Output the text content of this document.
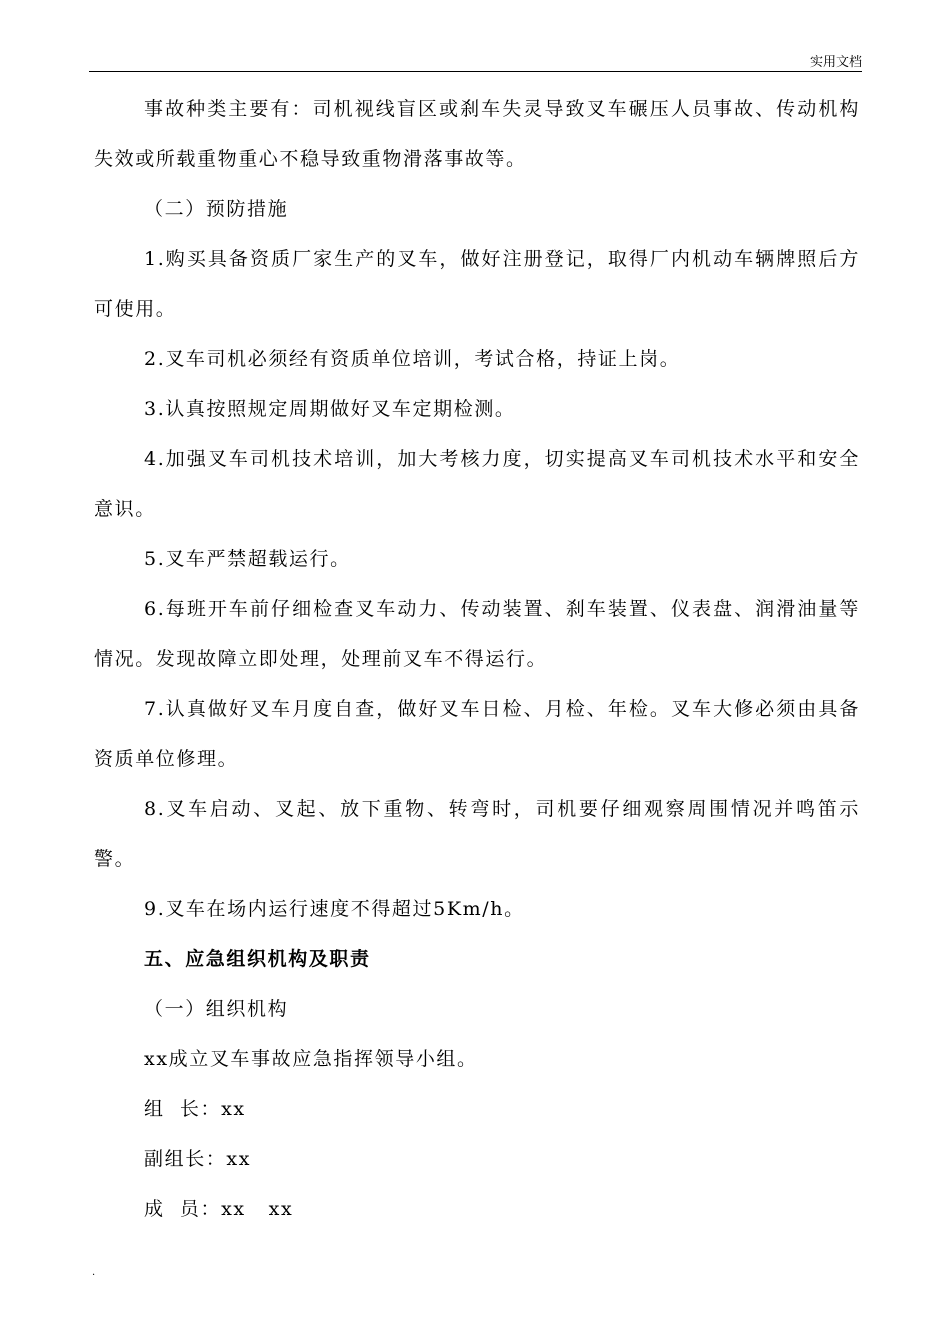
实用文档

事故种类主要有：司机视线盲区或刹车失灵导致叉车碾压人员事故、传动机构失效或所载重物重心不稳导致重物滑落事故等。

（二）预防措施

1.购买具备资质厂家生产的叉车，做好注册登记，取得厂内机动车辆牌照后方可使用。

2.叉车司机必须经有资质单位培训，考试合格，持证上岗。

3.认真按照规定周期做好叉车定期检测。

4.加强叉车司机技术培训，加大考核力度，切实提高叉车司机技术水平和安全意识。

5.叉车严禁超载运行。

6.每班开车前仔细检查叉车动力、传动装置、刹车装置、仪表盘、润滑油量等情况。发现故障立即处理，处理前叉车不得运行。

7.认真做好叉车月度自查，做好叉车日检、月检、年检。叉车大修必须由具备资质单位修理。

8.叉车启动、叉起、放下重物、转弯时，司机要仔细观察周围情况并鸣笛示警。

9.叉车在场内运行速度不得超过5Km/h。

五、应急组织机构及职责

（一）组织机构

xx成立叉车事故应急指挥领导小组。

组  长：xx

副组长：xx

成  员：xx   xx

.
